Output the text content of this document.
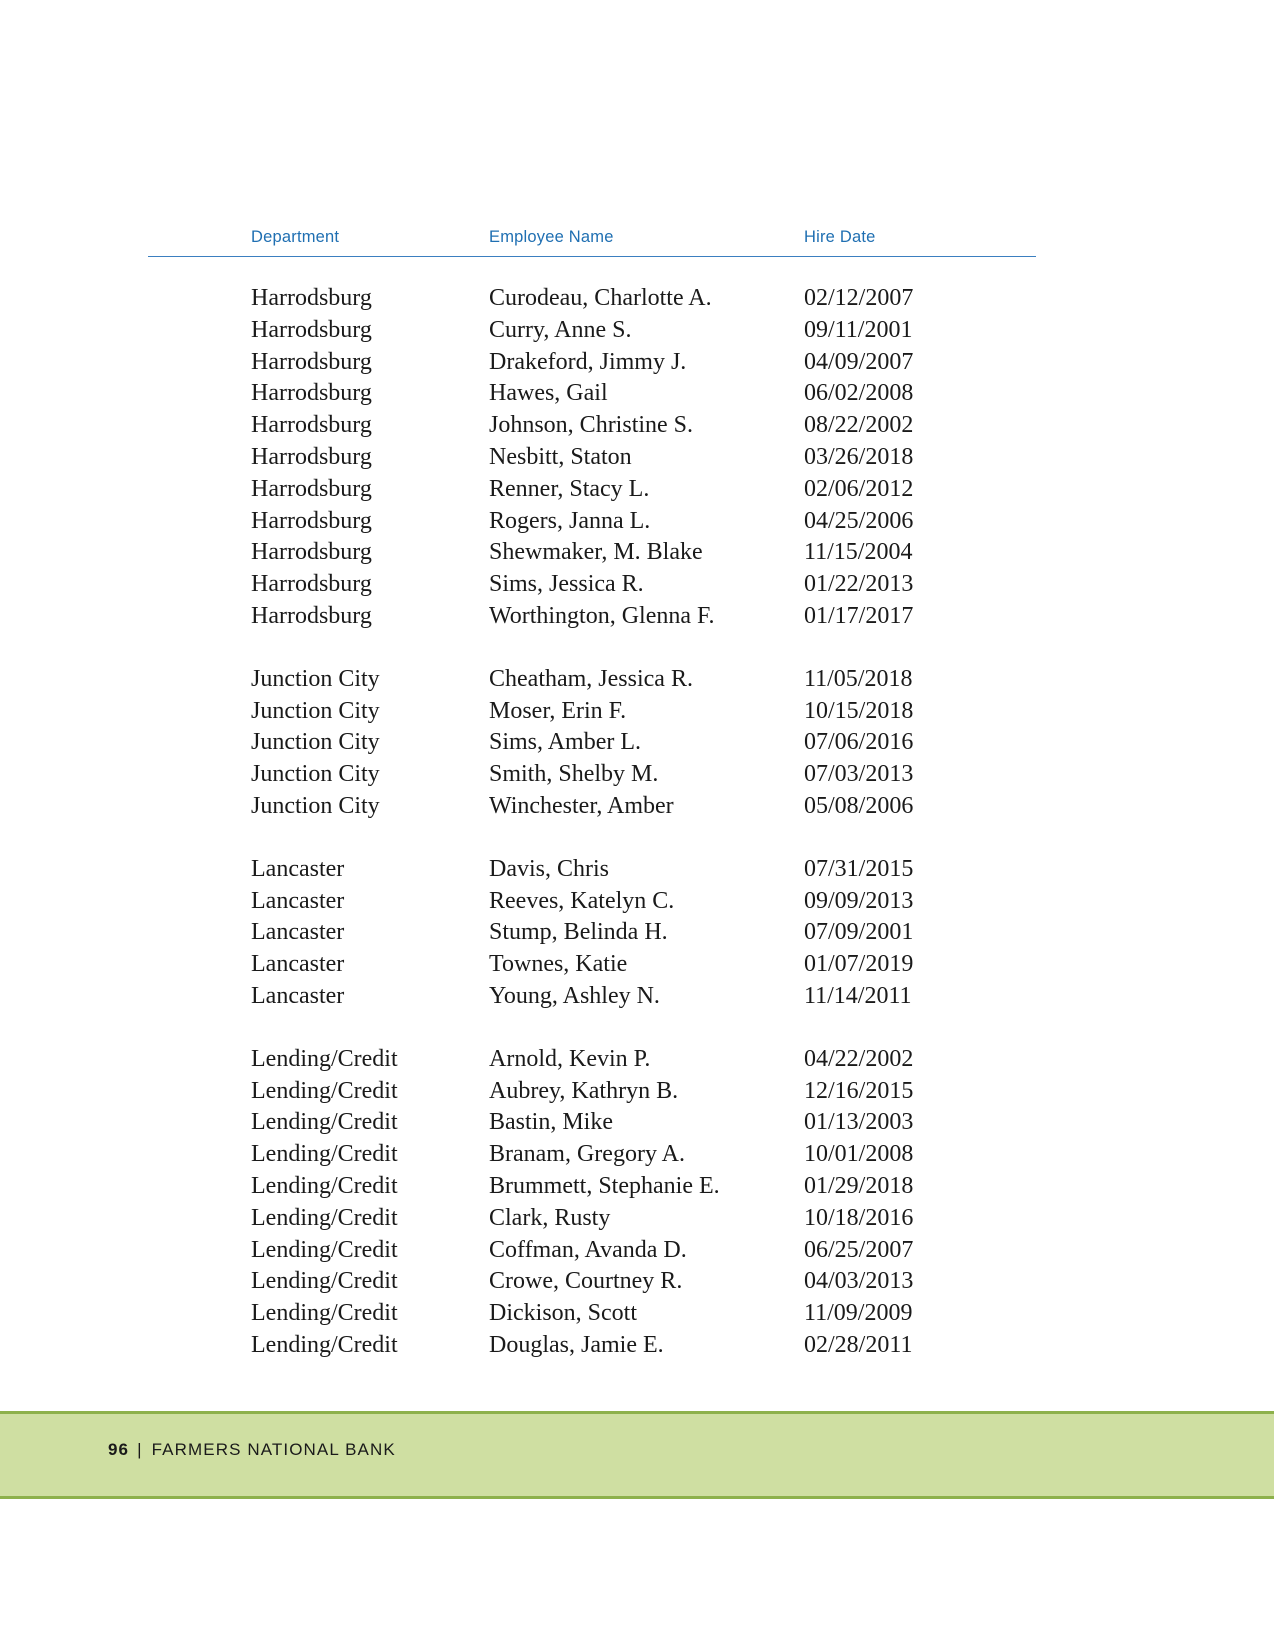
Department	Employee Name	Hire Date
Harrodsburg	Curodeau, Charlotte A.	02/12/2007
Harrodsburg	Curry, Anne S.	09/11/2001
Harrodsburg	Drakeford, Jimmy J.	04/09/2007
Harrodsburg	Hawes, Gail	06/02/2008
Harrodsburg	Johnson, Christine S.	08/22/2002
Harrodsburg	Nesbitt, Staton	03/26/2018
Harrodsburg	Renner, Stacy L.	02/06/2012
Harrodsburg	Rogers, Janna L.	04/25/2006
Harrodsburg	Shewmaker, M. Blake	11/15/2004
Harrodsburg	Sims, Jessica R.	01/22/2013
Harrodsburg	Worthington, Glenna F.	01/17/2017
Junction City	Cheatham, Jessica R.	11/05/2018
Junction City	Moser, Erin F.	10/15/2018
Junction City	Sims, Amber L.	07/06/2016
Junction City	Smith, Shelby M.	07/03/2013
Junction City	Winchester, Amber	05/08/2006
Lancaster	Davis, Chris	07/31/2015
Lancaster	Reeves, Katelyn C.	09/09/2013
Lancaster	Stump, Belinda H.	07/09/2001
Lancaster	Townes, Katie	01/07/2019
Lancaster	Young, Ashley N.	11/14/2011
Lending/Credit	Arnold, Kevin P.	04/22/2002
Lending/Credit	Aubrey, Kathryn B.	12/16/2015
Lending/Credit	Bastin, Mike	01/13/2003
Lending/Credit	Branam, Gregory A.	10/01/2008
Lending/Credit	Brummett, Stephanie E.	01/29/2018
Lending/Credit	Clark, Rusty	10/18/2016
Lending/Credit	Coffman, Avanda D.	06/25/2007
Lending/Credit	Crowe, Courtney R.	04/03/2013
Lending/Credit	Dickison, Scott	11/09/2009
Lending/Credit	Douglas, Jamie E.	02/28/2011
96 | FARMERS NATIONAL BANK
